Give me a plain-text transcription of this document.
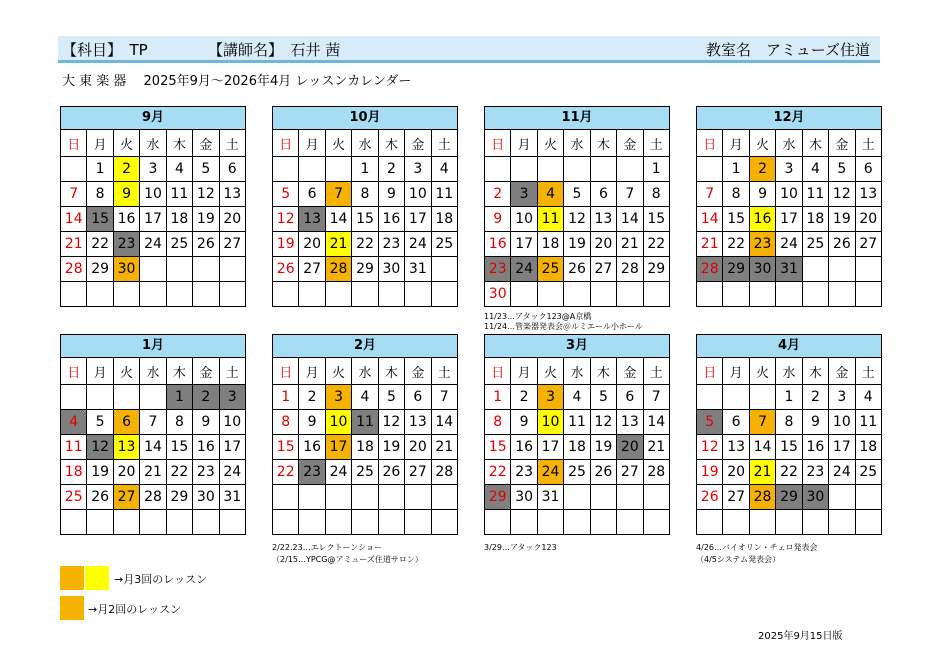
【科目】　TP	【講師名】　石井 茜	教室名　アミューズ住道
大 東 楽 器　 2025年9月～2026年4月 レッスンカレンダー
9月
日	月	火	水	木	金	土
	1	2	3	4	5	6
7	8	9	10	11	12	13
14	15	16	17	18	19	20
21	22	23	24	25	26	27
28	29	30				

10月
日	月	火	水	木	金	土
			1	2	3	4
5	6	7	8	9	10	11
12	13	14	15	16	17	18
19	20	21	22	23	24	25
26	27	28	29	30	31	

11月
日	月	火	水	木	金	土
						1
2	3	4	5	6	7	8
9	10	11	12	13	14	15
16	17	18	19	20	21	22
23	24	25	26	27	28	29
30						
12月
日	月	火	水	木	金	土
	1	2	3	4	5	6
7	8	9	10	11	12	13
14	15	16	17	18	19	20
21	22	23	24	25	26	27
28	29	30	31			

1月
日	月	火	水	木	金	土
				1	2	3
4	5	6	7	8	9	10
11	12	13	14	15	16	17
18	19	20	21	22	23	24
25	26	27	28	29	30	31

2月
日	月	火	水	木	金	土
1	2	3	4	5	6	7
8	9	10	11	12	13	14
15	16	17	18	19	20	21
22	23	24	25	26	27	28

3月
日	月	火	水	木	金	土
1	2	3	4	5	6	7
8	9	10	11	12	13	14
15	16	17	18	19	20	21
22	23	24	25	26	27	28
29	30	31				

4月
日	月	火	水	木	金	土
			1	2	3	4
5	6	7	8	9	10	11
12	13	14	15	16	17	18
19	20	21	22	23	24	25
26	27	28	29	30		

11/23…アタック123@A京橋
11/24…管楽器発表会＠ルミエール小ホール
2/22.23…エレクトーンショー
（2/15…YPCG@アミューズ住道サロン）
3/29…アタック123	4/26…バイオリン・チェロ発表会
（4/5システム発表会）
→月3回のレッスン
→月2回のレッスン
2025年9月15日版
